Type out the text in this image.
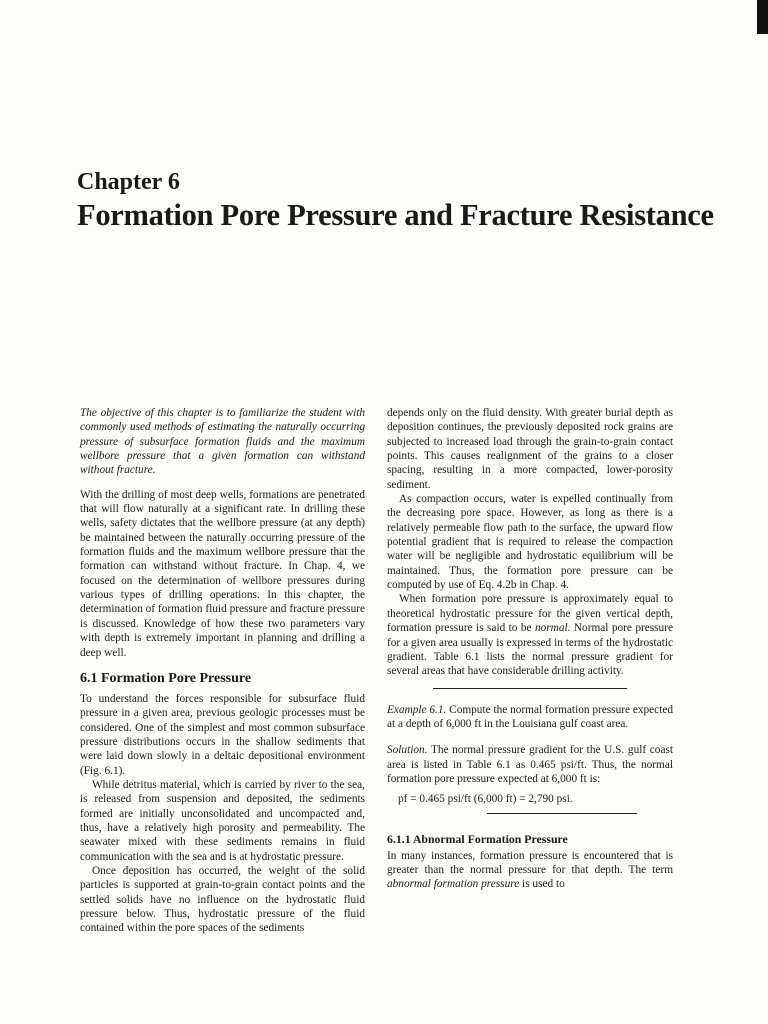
Chapter 6
Formation Pore Pressure and Fracture Resistance

The objective of this chapter is to familiarize the student with commonly used methods of estimating the naturally occurring pressure of subsurface formation fluids and the maximum wellbore pressure that a given formation can withstand without fracture.

With the drilling of most deep wells, formations are penetrated that will flow naturally at a significant rate. In drilling these wells, safety dictates that the wellbore pressure (at any depth) be maintained between the naturally occurring pressure of the formation fluids and the maximum wellbore pressure that the formation can withstand without fracture. In Chap. 4, we focused on the determination of wellbore pressures during various types of drilling operations. In this chapter, the determination of formation fluid pressure and fracture pressure is discussed. Knowledge of how these two parameters vary with depth is extremely important in planning and drilling a deep well.

6.1 Formation Pore Pressure

To understand the forces responsible for subsurface fluid pressure in a given area, previous geologic processes must be considered. One of the simplest and most common subsurface pressure distributions occurs in the shallow sediments that were laid down slowly in a deltaic depositional environment (Fig. 6.1).

While detritus material, which is carried by river to the sea, is released from suspension and deposited, the sediments formed are initially unconsolidated and uncompacted and, thus, have a relatively high porosity and permeability. The seawater mixed with these sediments remains in fluid communication with the sea and is at hydrostatic pressure.

Once deposition has occurred, the weight of the solid particles is supported at grain-to-grain contact points and the settled solids have no influence on the hydrostatic fluid pressure below. Thus, hydrostatic pressure of the fluid contained within the pore spaces of the sediments

depends only on the fluid density. With greater burial depth as deposition continues, the previously deposited rock grains are subjected to increased load through the grain-to-grain contact points. This causes realignment of the grains to a closer spacing, resulting in a more compacted, lower-porosity sediment.

As compaction occurs, water is expelled continually from the decreasing pore space. However, as long as there is a relatively permeable flow path to the surface, the upward flow potential gradient that is required to release the compaction water will be negligible and hydrostatic equilibrium will be maintained. Thus, the formation pore pressure can be computed by use of Eq. 4.2b in Chap. 4.

When formation pore pressure is approximately equal to theoretical hydrostatic pressure for the given vertical depth, formation pressure is said to be normal. Normal pore pressure for a given area usually is expressed in terms of the hydrostatic gradient. Table 6.1 lists the normal pressure gradient for several areas that have considerable drilling activity.

Example 6.1. Compute the normal formation pressure expected at a depth of 6,000 ft in the Louisiana gulf coast area.

Solution. The normal pressure gradient for the U.S. gulf coast area is listed in Table 6.1 as 0.465 psi/ft. Thus, the normal formation pore pressure expected at 6,000 ft is:

pf = 0.465 psi/ft (6,000 ft) = 2,790 psi.

6.1.1 Abnormal Formation Pressure

In many instances, formation pressure is encountered that is greater than the normal pressure for that depth. The term abnormal formation pressure is used to
